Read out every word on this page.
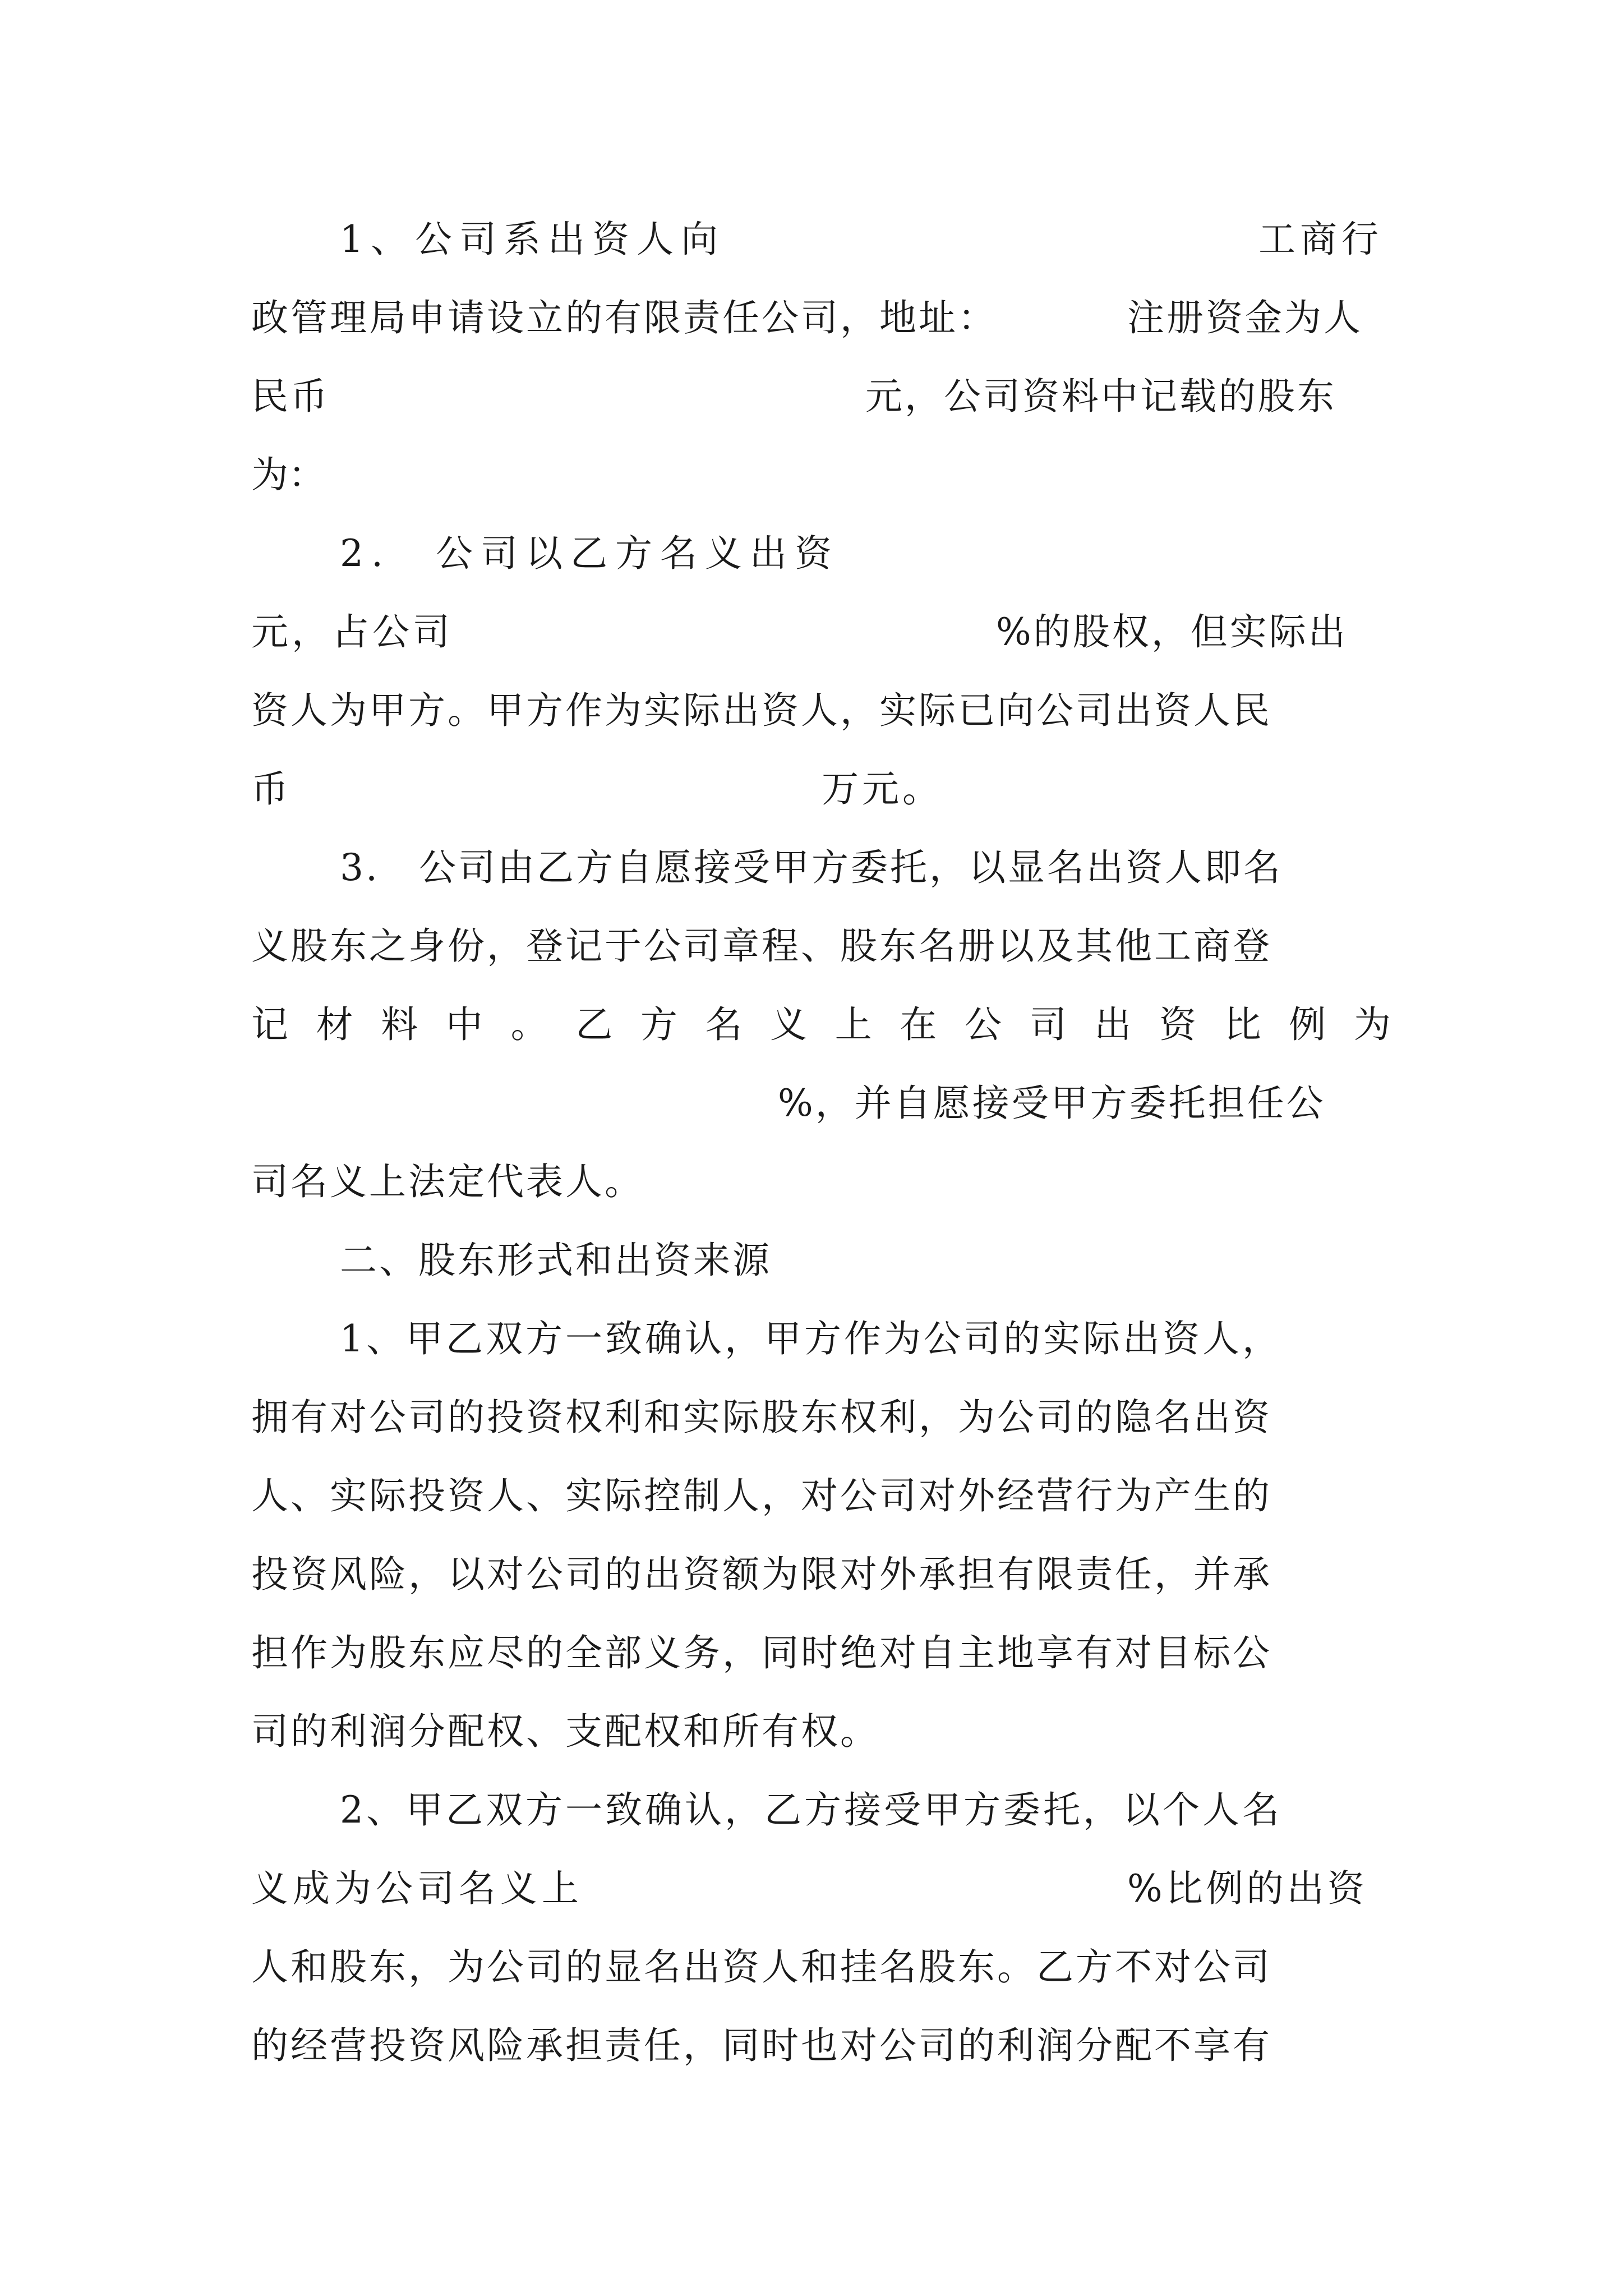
1、公司系出资人向	工商行
政管理局申请设立的有限责任公司，地址：	注册资金为人
民币	元，公司资料中记载的股东
为：
2.　公司以乙方名义出资
元，占公司	%的股权，但实际出
资人为甲方。甲方作为实际出资人，实际已向公司出资人民
币	万元。
3.　公司由乙方自愿接受甲方委托，以显名出资人即名
义股东之身份，登记于公司章程、股东名册以及其他工商登
记 材 料 中 。 乙 方 名 义 上 在 公 司 出 资 比 例 为
%，并自愿接受甲方委托担任公
司名义上法定代表人。
二、股东形式和出资来源
1、甲乙双方一致确认，甲方作为公司的实际出资人，
拥有对公司的投资权利和实际股东权利，为公司的隐名出资
人、实际投资人、实际控制人，对公司对外经营行为产生的
投资风险，以对公司的出资额为限对外承担有限责任，并承
担作为股东应尽的全部义务，同时绝对自主地享有对目标公
司的利润分配权、支配权和所有权。
2、甲乙双方一致确认，乙方接受甲方委托，以个人名
义成为公司名义上	%比例的出资
人和股东，为公司的显名出资人和挂名股东。乙方不对公司
的经营投资风险承担责任，同时也对公司的利润分配不享有
